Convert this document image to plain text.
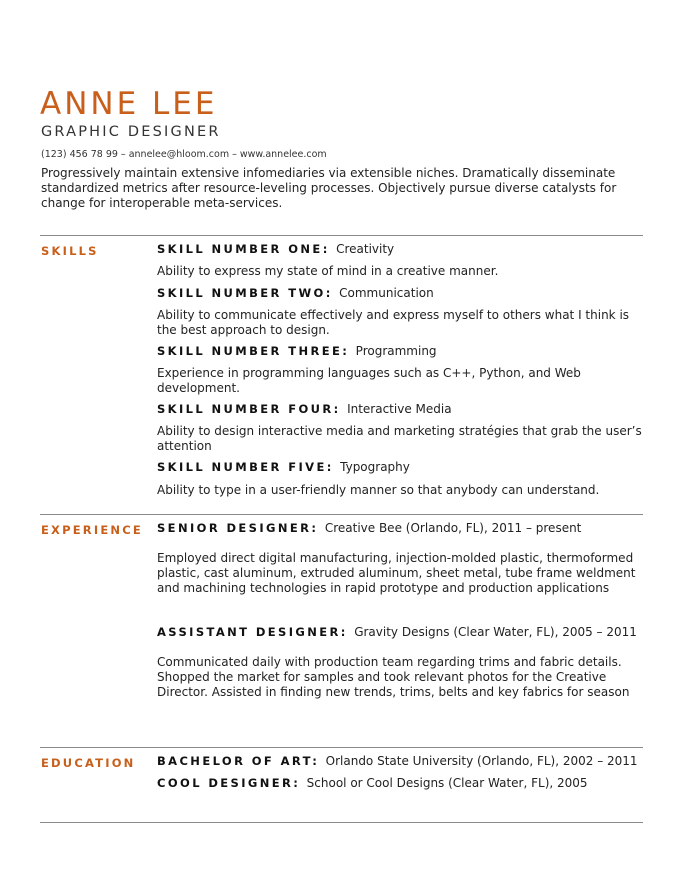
ANNE LEE
GRAPHIC DESIGNER
(123) 456 78 99 – annelee@hloom.com – www.annelee.com
Progressively maintain extensive infomediaries via extensible niches. Dramatically disseminate standardized metrics after resource-leveling processes. Objectively pursue diverse catalysts for change for interoperable meta-services.
SKILLS	SKILL NUMBER ONE: Creativity
Ability to express my state of mind in a creative manner.
SKILL NUMBER TWO: Communication
Ability to communicate effectively and express myself to others what I think is the best approach to design.
SKILL NUMBER THREE: Programming
Experience in programming languages such as C++, Python, and Web development.
SKILL NUMBER FOUR: Interactive Media
Ability to design interactive media and marketing stratégies that grab the user’s attention
SKILL NUMBER FIVE: Typography
Ability to type in a user-friendly manner so that anybody can understand.
EXPERIENCE SENIOR DESIGNER: Creative Bee (Orlando, FL), 2011 – present
Employed direct digital manufacturing, injection-molded plastic, thermoformed plastic, cast aluminum, extruded aluminum, sheet metal, tube frame weldment and machining technologies in rapid prototype and production applications
ASSISTANT DESIGNER: Gravity Designs (Clear Water, FL), 2005 – 2011
Communicated daily with production team regarding trims and fabric details. Shopped the market for samples and took relevant photos for the Creative Director. Assisted in finding new trends, trims, belts and key fabrics for season
EDUCATION BACHELOR OF ART: Orlando State University (Orlando, FL), 2002 – 2011
COOL DESIGNER: School or Cool Designs (Clear Water, FL), 2005
